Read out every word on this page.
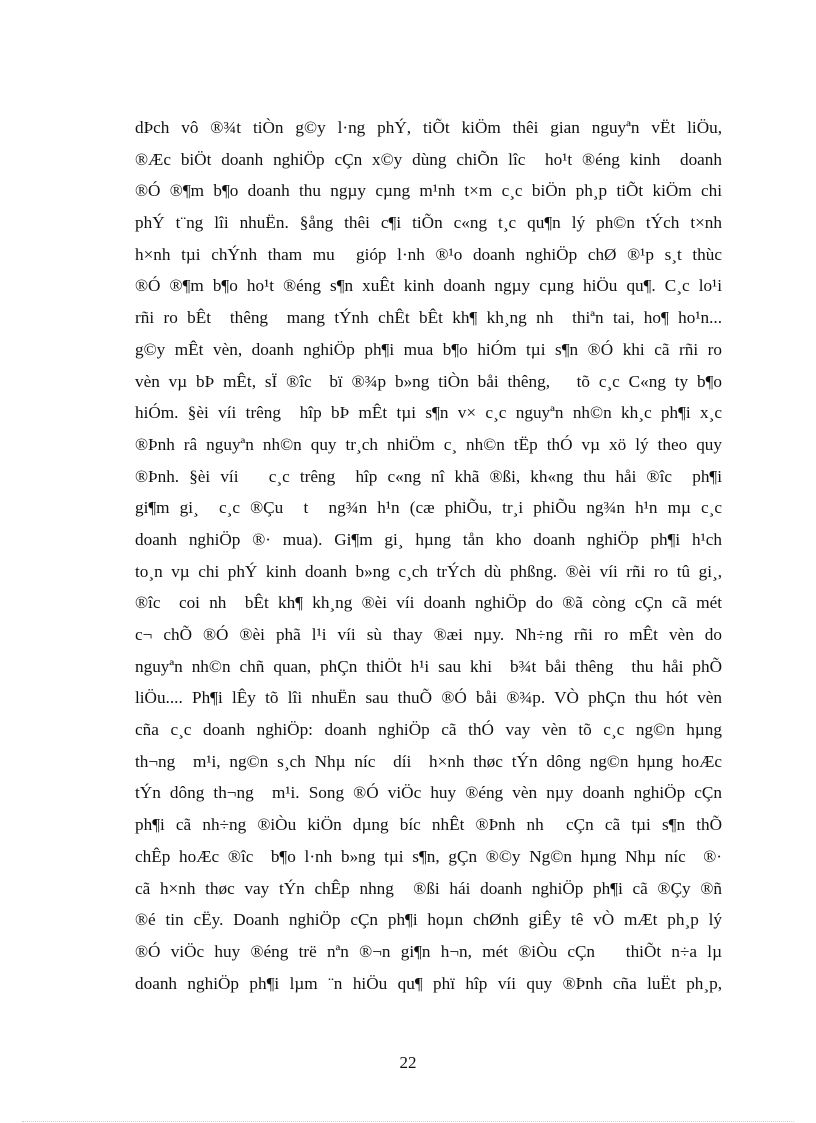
dÞch vô ®¾t tiÒn g©y l·ng phÝ, tiÕt kiÖm thêi gian nguyªn vËt liÖu,
®Æc biÖt doanh nghiÖp cÇn x©y dùng chiÕn lîc  ho¹t ®éng kinh  doanh
®Ó ®¶m b¶o doanh thu ngµy cµng m¹nh t×m c¸c biÖn ph¸p tiÕt kiÖm chi
phÝ t¨ng lîi nhuËn. §ång thêi c¶i tiÕn c«ng t¸c qu¶n lý ph©n tÝch t×nh
h×nh tµi chÝnh tham mu  gióp l·nh ®¹o doanh nghiÖp chØ ®¹p s¸t thùc
®Ó ®¶m b¶o ho¹t ®éng s¶n xuÊt kinh doanh ngµy cµng hiÖu qu¶. C¸c lo¹i
rñi ro bÊt  thêng  mang tÝnh chÊt bÊt kh¶ kh¸ng nh  thiªn tai, ho¶ ho¹n...
g©y mÊt vèn, doanh nghiÖp ph¶i mua b¶o hiÓm tµi s¶n ®Ó khi cã rñi ro
vèn vµ bÞ mÊt, sÏ ®îc  bï ®¾p b»ng tiÒn båi thêng,   tõ c¸c C«ng ty b¶o
hiÓm. §èi víi trêng  hîp bÞ mÊt tµi s¶n v× c¸c nguyªn nh©n kh¸c ph¶i x¸c
®Þnh râ nguyªn nh©n quy tr¸ch nhiÖm c¸ nh©n tËp thÓ vµ xö lý theo quy
®Þnh. §èi víi   c¸c trêng  hîp c«ng nî khã ®ßi, kh«ng thu håi ®îc  ph¶i
gi¶m gi¸  c¸c ®Çu  t  ng¾n h¹n (cæ phiÕu, tr¸i phiÕu ng¾n h¹n mµ c¸c
doanh nghiÖp ®· mua). Gi¶m gi¸ hµng tån kho doanh nghiÖp ph¶i h¹ch
to¸n vµ chi phÝ kinh doanh b»ng c¸ch trÝch dù phßng. ®èi víi rñi ro tû gi¸,
®îc  coi nh  bÊt kh¶ kh¸ng ®èi víi doanh nghiÖp do ®ã còng cÇn cã mét
c¬ chÕ ®Ó ®èi phã l¹i víi sù thay ®æi nµy. Nh÷ng rñi ro mÊt vèn do
nguyªn nh©n chñ quan, phÇn thiÖt h¹i sau khi  b¾t båi thêng  thu håi phÕ
liÖu.... Ph¶i lÊy tõ lîi nhuËn sau thuÕ ®Ó båi ®¾p. VÒ phÇn thu hót vèn
cña c¸c doanh nghiÖp: doanh nghiÖp cã thÓ vay vèn tõ c¸c ng©n hµng
th¬ng  m¹i, ng©n s¸ch Nhµ níc  díi  h×nh thøc tÝn dông ng©n hµng hoÆc
tÝn dông th¬ng  m¹i. Song ®Ó viÖc huy ®éng vèn nµy doanh nghiÖp cÇn
ph¶i cã nh÷ng ®iÒu kiÖn dµng bíc nhÊt ®Þnh nh  cÇn cã tµi s¶n thÕ
chÊp hoÆc ®îc  b¶o l·nh b»ng tµi s¶n, gÇn ®©y Ng©n hµng Nhµ níc  ®·
cã h×nh thøc vay tÝn chÊp nhng  ®ßi hái doanh nghiÖp ph¶i cã ®Çy ®ñ
®é tin cËy. Doanh nghiÖp cÇn ph¶i hoµn chØnh giÊy tê vÒ mÆt ph¸p lý
®Ó viÖc huy ®éng trë nªn ®¬n gi¶n h¬n, mét ®iÒu cÇn   thiÕt n÷a lµ
doanh nghiÖp ph¶i lµm ¨n hiÖu qu¶ phï hîp víi quy ®Þnh cña luËt ph¸p,
22
